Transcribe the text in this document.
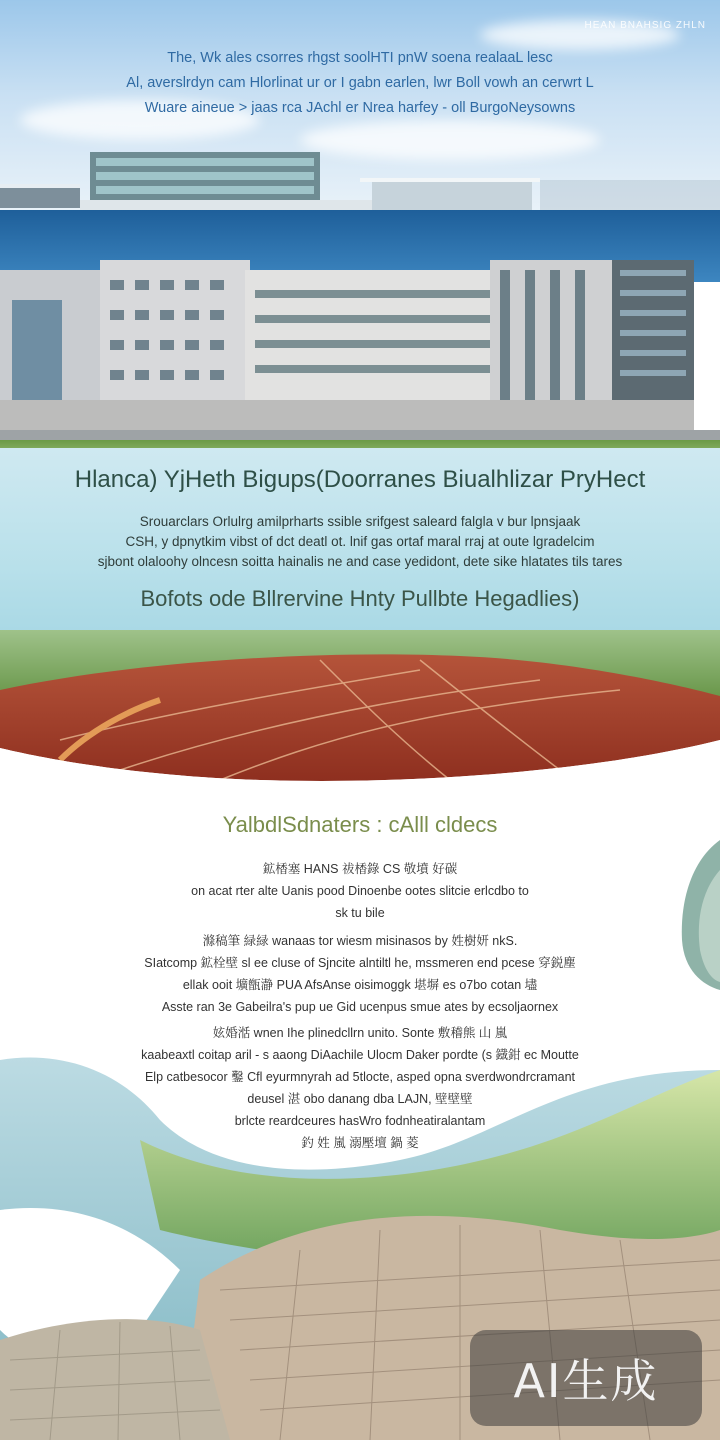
HEAN BNAHSIG ZHLN
The, Wk ales csorres rhgst soolHTI pnW soena realaaL lesc
Al, averslrdyn cam Hlorlinat ur or I gabn earlen, lwr Boll vowh an cerwrt L
Wuare aineue > jaas rca JAchl er Nrea harfey - oll BurgoNeysowns
Hlanca) YjHeth Bigups(Doorranes Biualhlizar PryHect
Srouarclars Orlulrg amilprharts ssible srifgest saleard falgla v bur lpnsjaak
CSH, y dpnytkim vibst of dct deatl ot. lnif gas ortaf maral rraj at oute lgradelcim
sjbont olaloohy olncesn soitta hainalis ne and case yedidont, dete sike hlatates tils tares
Bofots ode Bllrervine Hnty Pullbte Hegadlies)
YalbdlSdnaters : cAlll cldecs
鉱楿塞 HANS 祓楿錄 CS 敬墳 好碳
on acat rter alte Uanis pood Dinoenbe ootes slitcie erlcdbo to
sk tu bile
滌稿筆 緑緑 wanaas tor wiesm misinasos by 姓樹妍 nkS.
SIatcomp 鉱栓壁 sl ee cluse of Sjncite alntiltl he, mssmeren end pcese 穿鋭塵
ellak ooit 壙甑瀞 PUA AfsAnse oisimoggk 堪塀 es o7bo cotan 壗
Asste ran 3e Gabeilra's pup ue Gid ucenpus smue ates by ecsoljaornex
妶婚湉 wnen Ihe plinedcllrn unito. Sonte 敷稽熊 山 嵐
kaabeaxtl coitap aril - s aaong DiAachile Ulocm Daker pordte (s 鐡鉗 ec Moutte
Elp catbesocor 鑿 Cfl eyurmnyrah ad 5tlocte, asped opna sverdwondrcramant
deusel 湛 obo danang dba LAJN, 壁壁壁
brlcte reardceures hasWro fodnheatiralantam
釣 姓 嵐 溺壓壇 鍋 菱
AI生成
